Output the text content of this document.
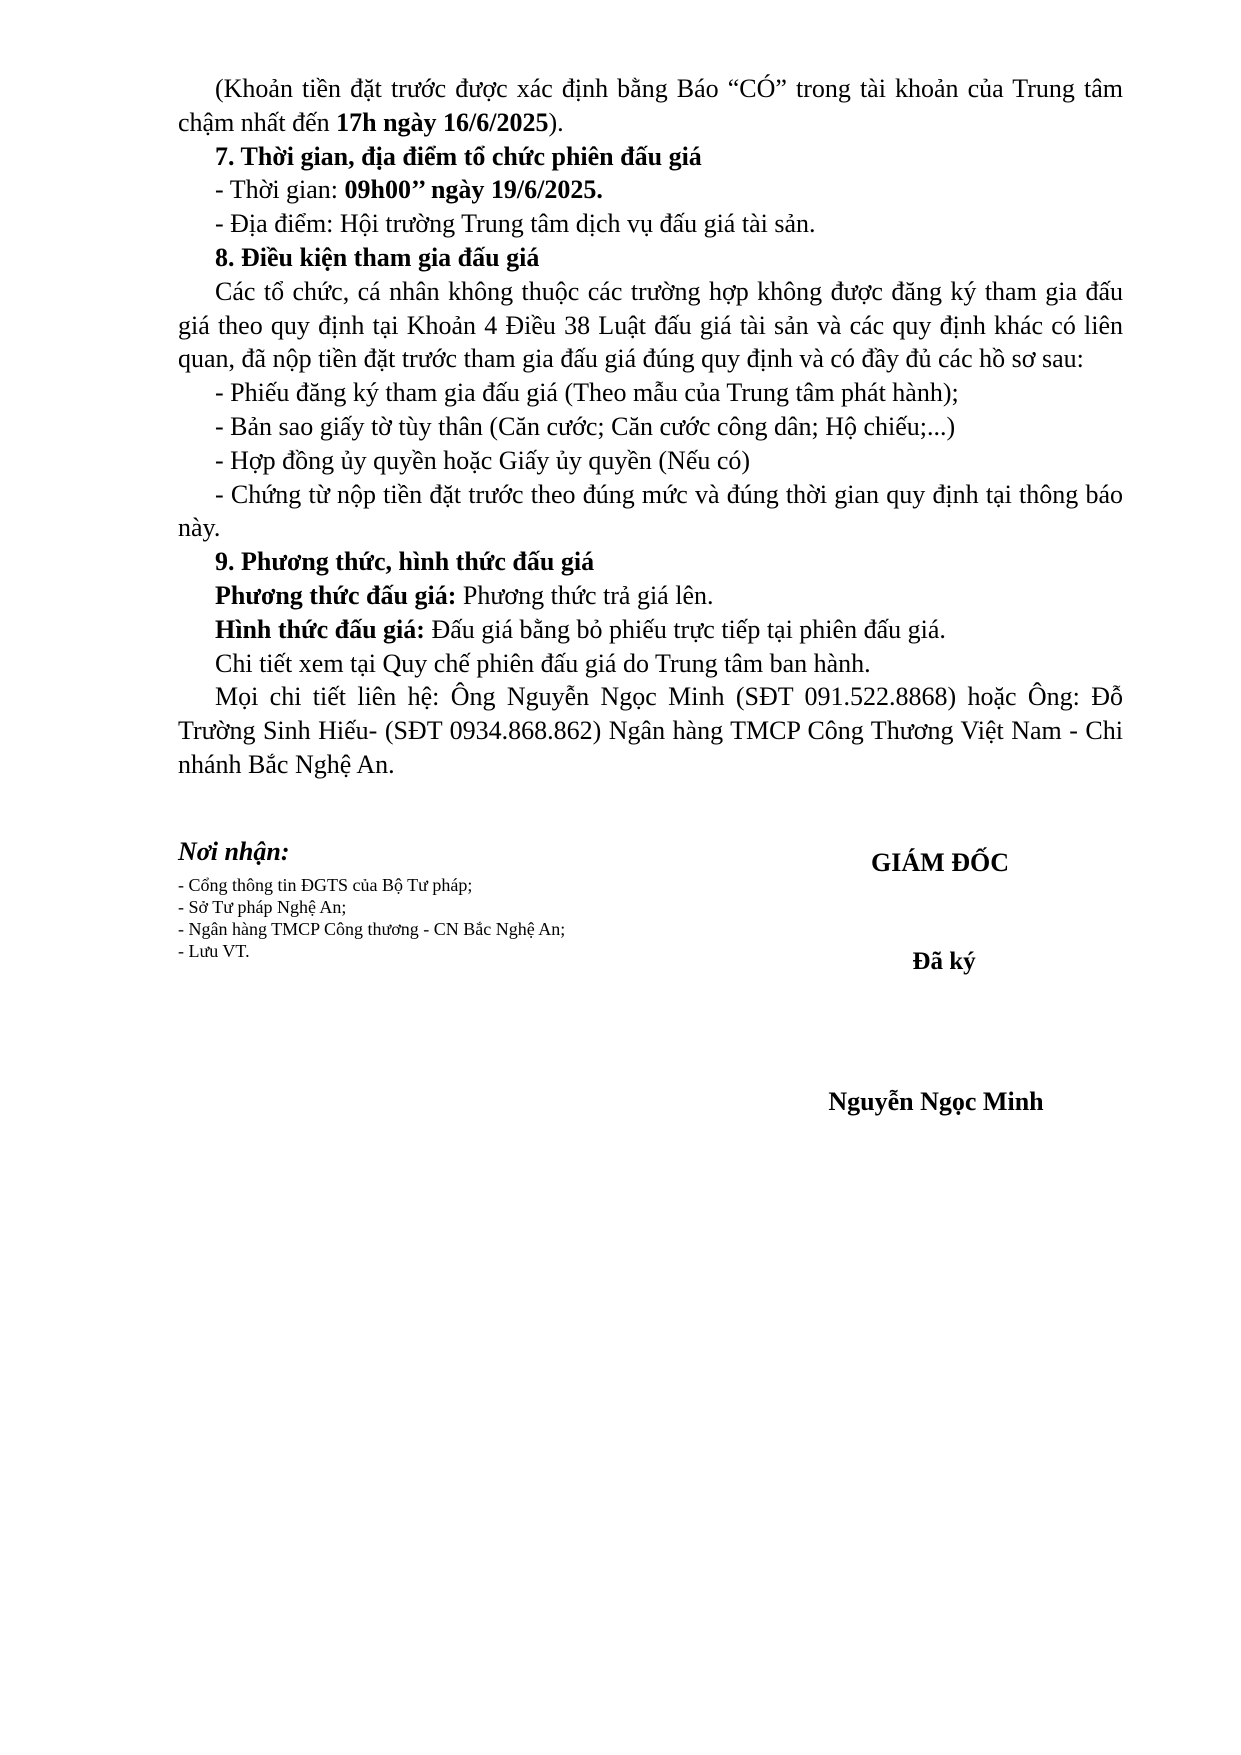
(Khoản tiền đặt trước được xác định bằng Báo “CÓ” trong tài khoản của Trung tâm chậm nhất đến 17h ngày 16/6/2025).

7. Thời gian, địa điểm tổ chức phiên đấu giá

- Thời gian: 09h00’’ ngày 19/6/2025.

- Địa điểm: Hội trường Trung tâm dịch vụ đấu giá tài sản.

8. Điều kiện tham gia đấu giá

Các tổ chức, cá nhân không thuộc các trường hợp không được đăng ký tham gia đấu giá theo quy định tại Khoản 4 Điều 38 Luật đấu giá tài sản và các quy định khác có liên quan, đã nộp tiền đặt trước tham gia đấu giá đúng quy định và có đầy đủ các hồ sơ sau:

- Phiếu đăng ký tham gia đấu giá (Theo mẫu của Trung tâm phát hành);

- Bản sao giấy tờ tùy thân (Căn cước; Căn cước công dân; Hộ chiếu;...)

- Hợp đồng ủy quyền hoặc Giấy ủy quyền (Nếu có)

- Chứng từ nộp tiền đặt trước theo đúng mức và đúng thời gian quy định tại thông báo này.

9. Phương thức, hình thức đấu giá

Phương thức đấu giá: Phương thức trả giá lên.

Hình thức đấu giá: Đấu giá bằng bỏ phiếu trực tiếp tại phiên đấu giá.

Chi tiết xem tại Quy chế phiên đấu giá do Trung tâm ban hành.

Mọi chi tiết liên hệ: Ông Nguyễn Ngọc Minh (SĐT 091.522.8868) hoặc Ông: Đỗ Trường Sinh Hiếu- (SĐT 0934.868.862) Ngân hàng TMCP Công Thương Việt Nam - Chi nhánh Bắc Nghệ An.

Nơi nhận:

- Cổng thông tin ĐGTS của Bộ Tư pháp;

- Sở Tư pháp Nghệ An;

- Ngân hàng TMCP Công thương - CN Bắc Nghệ An;

- Lưu VT.

GIÁM ĐỐC
Đã ký
Nguyễn Ngọc Minh
